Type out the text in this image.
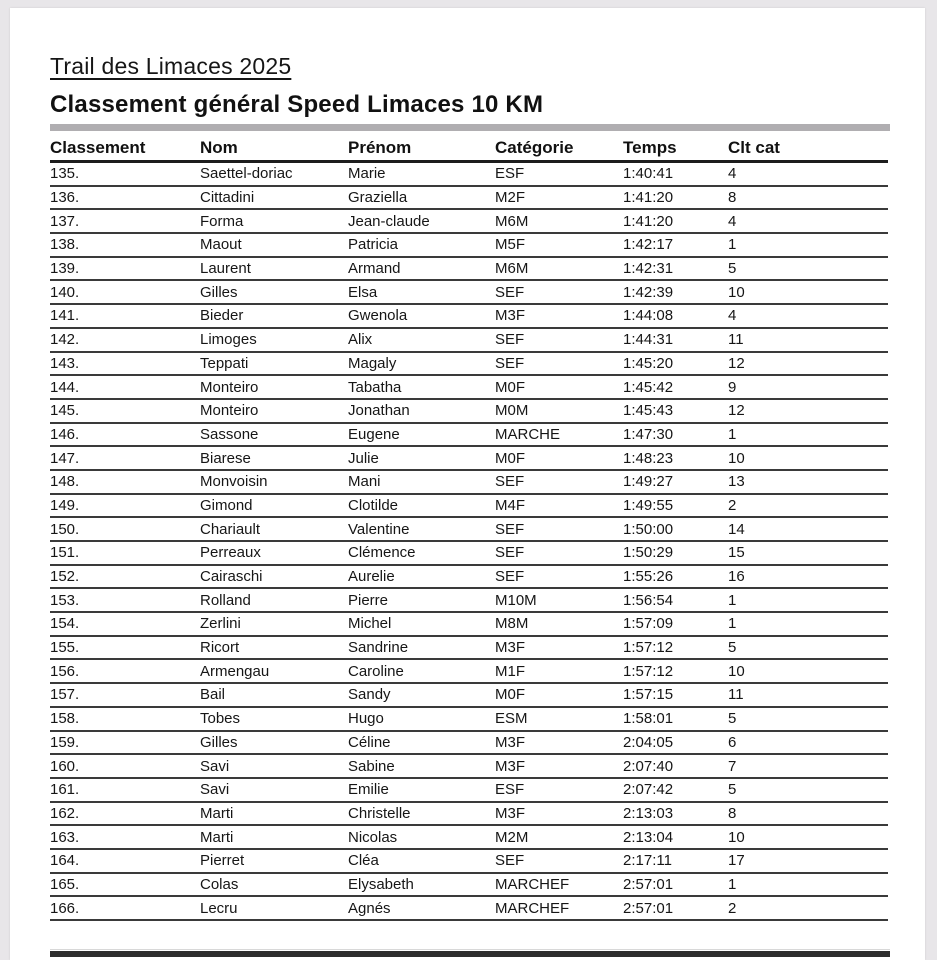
Trail des Limaces 2025
Classement général Speed Limaces 10 KM
Classement	Nom	Prénom	Catégorie	Temps	Clt cat
135.	Saettel-doriac	Marie	ESF	1:40:41	4
136.	Cittadini	Graziella	M2F	1:41:20	8
137.	Forma	Jean-claude	M6M	1:41:20	4
138.	Maout	Patricia	M5F	1:42:17	1
139.	Laurent	Armand	M6M	1:42:31	5
140.	Gilles	Elsa	SEF	1:42:39	10
141.	Bieder	Gwenola	M3F	1:44:08	4
142.	Limoges	Alix	SEF	1:44:31	11
143.	Teppati	Magaly	SEF	1:45:20	12
144.	Monteiro	Tabatha	M0F	1:45:42	9
145.	Monteiro	Jonathan	M0M	1:45:43	12
146.	Sassone	Eugene	MARCHE	1:47:30	1
147.	Biarese	Julie	M0F	1:48:23	10
148.	Monvoisin	Mani	SEF	1:49:27	13
149.	Gimond	Clotilde	M4F	1:49:55	2
150.	Chariault	Valentine	SEF	1:50:00	14
151.	Perreaux	Clémence	SEF	1:50:29	15
152.	Cairaschi	Aurelie	SEF	1:55:26	16
153.	Rolland	Pierre	M10M	1:56:54	1
154.	Zerlini	Michel	M8M	1:57:09	1
155.	Ricort	Sandrine	M3F	1:57:12	5
156.	Armengau	Caroline	M1F	1:57:12	10
157.	Bail	Sandy	M0F	1:57:15	11
158.	Tobes	Hugo	ESM	1:58:01	5
159.	Gilles	Céline	M3F	2:04:05	6
160.	Savi	Sabine	M3F	2:07:40	7
161.	Savi	Emilie	ESF	2:07:42	5
162.	Marti	Christelle	M3F	2:13:03	8
163.	Marti	Nicolas	M2M	2:13:04	10
164.	Pierret	Cléa	SEF	2:17:11	17
165.	Colas	Elysabeth	MARCHEF	2:57:01	1
166.	Lecru	Agnés	MARCHEF	2:57:01	2
